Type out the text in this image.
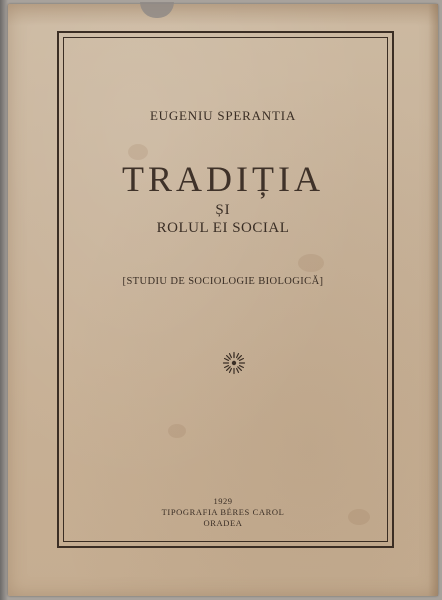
EUGENIU SPERANTIA
TRADIȚIA
ȘI
ROLUL EI SOCIAL
[STUDIU DE SOCIOLOGIE BIOLOGICĂ]
1929
TIPOGRAFIA BÉRES CAROL
ORADEA
